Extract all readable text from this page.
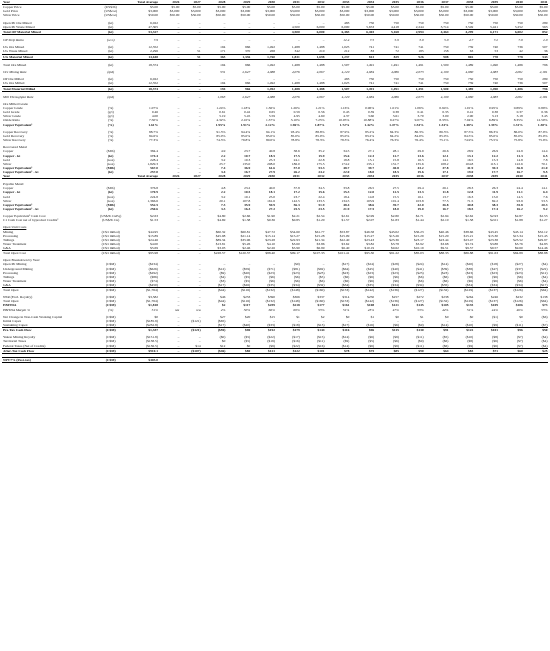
Year		Total Average	2026	2027	2028	2029	2030	2031	2032	2033	2034	2035	2036	2037	2038	2039	2040	2041
Copper Price	(US$/lb)	$5.00	$5.00	$5.00	$5.00	$5.00	$5.00	$5.00	$5.00	$5.00	$5.00	$5.00	$5.00	$5.00	$5.00	$5.00	$5.00	$5.00
Gold Price	(US$/oz)	$3,000	$3,000	$3,000	$3,000	$3,000	$3,000	$3,000	$3,000	$3,000	$3,000	$3,000	$3,000	$3,000	$3,000	$3,000	$3,000	$3,000
Silver Price	(US$/oz)	$50.00	$50.00	$50.00	$50.00	$50.00	$50.00	$50.00	$50.00	$50.00	$50.00	$50.00	$50.00	$50.00	$50.00	$50.00	$50.00	$50.00

Open Pit Ore Mined	(kt)	6,022	–	–	–	–	–	–	–	483	750	750	750	750	750	750	750	289
Open Pit Waste Mined	(kt)	47,305	–	–	–	–	–	4,500	6,000	6,000	5,653	4,418	2,244	3,714	3,549	5,421	5,252	563
Total OP Material Mined	(kt)	53,327	–	–	–	–	–	4,500	6,000	6,483	6,403	5,168	2,994	4,464	4,299	6,171	6,002	852

OP Strip Ratio	(w:o)	7.9	–	–	–	–	–	–	–	12.4	7.5	5.9	3.0	5.0	4.7	7.2	7.0	2.0

UG Ore Mined	(kt)	12,352	–	–	194	966	1,492	1,488	1,488	1,025	741	741	741	750	739	740	736	507
UG Waste Mined	(kt)	2,296	–	51	171	370	268	342	210	212	83	72	185	158	63	53	42	36
UG Material Mined	(kt)	14,648	–	51	365	1,336	1,760	1,831	1,698	1,237	813	829	926	908	802	778	778	543

Total Ore Mined	(kt)	18,374	–	–	194	966	1,492	1,488	1,488	1,507	1,491	1,491	1,491	1,500	1,489	1,490	1,486	796

Ore Mining Rate	(tpd)		–	–	531	2,647	4,088	4,076	4,067	4,129	4,084	4,086	4,073	4,109	4,080	4,083	4,061	2,181

OP Ore Milled	(kt)	6,022	–	–	–	–	–	–	–	483	750	750	750	750	750	750	750	289
UG Ore Milled	(kt)	12,352	–	–	194	966	1,492	1,488	1,488	1,025	741	741	741	750	739	740	736	507
Total Material Milled	(kt)	18,374	–	–	194	966	1,492	1,488	1,488	1,507	1,491	1,491	1,491	1,500	1,489	1,490	1,486	796

Mill Throughput Rate	(tpd)		–	–	1,063	2,647	4,088	4,076	4,067	4,129	4,084	4,086	4,073	4,109	4,080	4,083	4,061	2,181

Ore Milled Grade																		
Copper Grade	(%)	1.07%	–	–	1.24%	1.18%	1.36%	1.26%	1.21%	1.16%	0.96%	1.01%	1.06%	0.94%	1.01%	0.95%	0.89%	0.89%
Gold Grade	(g/t)	0.46	–	–	0.61	0.42	0.65	0.59	0.56	0.45	0.39	0.38	0.41	0.35	0.41	0.38	0.37	0.36
Silver Grade	(g/t)	4.00	–	–	5.19	5.45	5.59	4.95	4.60	4.37	3.60	3.61	3.70	3.00	2.90	3.13	3.18	3.45
Oxide Ratio	(%)	7.50%	–	–	4.32%	2.10%	1.37%	3.10%	7.25%	10.05%	10.88%	9.27%	9.07%	8.33%	7.04%	6.89%	8.35%	12.50%
Copper Equivalent¹	(%)	1.61%	–	–	1.95%	1.91%	2.12%	1.96%	1.87%	1.72%	1.42%	1.47%	1.54%	1.34%	1.48%	1.39%	1.31%	1.38%

Copper Recovery	(%)	88.7%	–	–	91.3%	94.4%	94.1%	93.4%	88.8%	87.9%	85.2%	84.3%	86.3%	86.3%	87.5%	86.3%	86.0%	87.9%
Gold Recovery	(%)	84.6%	–	–	85.0%	85.0%	85.0%	85.0%	85.0%	85.0%	83.2%	84.2%	84.0%	85.0%	84.5%	85.0%	85.0%	85.0%
Silver Recovery	(%)	77.3%	–	–	74.3%	79.8%	80.0%	78.8%	78.3%	78.3%	76.4%	76.3%	76.4%	75.1%	74.9%	75.5%	75.8%	75.9%

Recovered Metal																		
Copper	(Mlb)	384.4	–	–	4.9	23.7	40.8	38.6	35.2	34.5	27.1	28.1	29.9	26.6	28.9	26.9	24.9	14.4
Copper - kt	(kt)	174.4	–	–	2.2	10.7	18.5	17.5	15.9	15.6	12.3	12.7	13.6	12.1	13.1	12.2	11.3	6.5
Gold	(koz)	228.4	–	–	3.2	10.3	25.3	24.1	22.8	18.8	15.1	15.8	16.5	14.1	16.5	15.3	14.8	7.8
Silver	(koz)	1,829.3	–	–	25.7	135.0	208.0	186.0	175.5	174.2	135.1	131.7	135.6	108.2	104.8	113.1	122.6	70.1
Copper Equivalent¹	(Mlb)	567.0	–	–	7.4	36.9	61.6	57.0	53.3	48.7	39.7	40.8	43.2	37.8	41.9	39.3	36.8	21.0
Copper Equivalent¹ - kt	(kt)	257.0	–	–	3.4	16.7	27.9	26.2	24.2	22.0	18.0	18.5	19.6	17.1	19.0	17.7	16.7	9.5
Year		Total Average	2026	2027	2028	2029	2030	2031	2032	2033	2034	2035	2036	2037	2038	2039	2040	2041

Payable Metal:																		
Copper	(Mlb)	376.8	–	–	4.8	23.2	40.0	37.8	34.5	33.8	26.5	27.5	29.4	26.1	28.3	26.3	24.4	14.1
Copper - kt	(kt)	170.9	–	–	2.2	10.5	18.1	17.2	15.6	15.3	12.0	12.5	13.3	11.8	12.8	11.9	11.1	6.4
Gold	(koz)	224.8	–	–	3.2	10.1	25.0	23.7	22.4	18.4	14.8	15.5	16.1	13.7	16.3	15.0	14.5	7.6
Silver	(koz)	1,366.6	–	–	20.1	107.8	161.6	142.5	133.5	134.5	103.9	101.4	103.8	77.5	71.5	82.2	93.9	53.5
Copper Equivalent¹	(Mlb)	552.5	–	–	7.3	35.9	59.9	56.3	51.9	48.4	38.6	39.7	42.0	36.8	40.8	38.3	35.8	20.3
Copper Equivalent¹ - kt	(kt)	250.6	–	–	3.3	16.3	27.2	25.5	23.5	21.9	17.5	18.0	19.0	16.7	18.5	17.4	16.2	9.2

Copper Equivalent¹ Cash Cost	(US$/lb CuEq)	$2.63	–	–	$4.80	$2.66	$1.90	$2.21	$2.54	$2.61	$2.99	$2.80	$2.71	$2.94	$2.62	$2.93	$2.87	$2.53
C1 Cash Cost net of byproduct Credits²	(US$/lb Cu)	$1.53	–	–	$4.69	$1.38	$0.36	$0.85	$1.20	$1.57	$2.07	$1.83	$1.44	$2.10	$1.58	$2.01	$1.88	$1.27

Opex Unit Costs																		
Mining	(C$/t milled)	$44.95	–	–	$60.32	$60.81	$47.72	$54.60	$61.77	$53.87	$46.58	$43.02	$36.23	$40.46	$38.66	$43.45	$43.14	$32.12
Processing	(C$/t milled)	$15.89	–	–	$45.98	$21.14	$15.14	$15.27	$15.28	$15.09	$15.27	$15.26	$15.29	$15.20	$15.21	$15.30	$15.34	$15.45
Tailings	(C$/t milled)	$24.46	–	–	$89.34	$35.96	$23.28	$22.93	$21.34	$22.40	$23.43	$23.36	$23.17	$23.44	$23.47	$23.38	$23.52	$29.97
Water Treatment	(C$/t milled)	$4.00	–	–	$13.81	$5.26	$4.10	$3.60	$3.86	$3.62	$3.82	$3.78	$3.92	$3.68	$3.74	$3.88	$3.76	$4.83
G&A	(C$/t milled)	$5.69	–	–	$3.03	$2.46	$2.26	$5.90	$6.99	$6.40	$10.19	$9.62	$10.19	$9.51	$9.57	$9.57	$9.60	$14.46
Total Opex Cost	(C$/t milled)	$95.98	–	–	$228.57	$120.37	$88.40	$99.17	$107.33	$101.41	$95.30	$91.22	$85.03	$88.33	$86.88	$91.63	$84.89	$88.88

Opex Breakdown by Year:																		
Open Pit Mining	(C$M)	($234)	–	–	–	–	–	($0)	–	($17)	($24)	($28)	($24)	($14)	($20)	($18)	($27)	($4)
Underground Mining	(C$M)	($626)	–	–	($12)	($59)	($71)	($81)	($92)	($64)	($45)	($40)	($41)	($39)	($38)	($47)	($37)	($22)
Processing	(C$M)	($292)	–	–	($9)	($20)	($23)	($23)	($23)	($23)	($23)	($23)	($23)	($23)	($23)	($23)	($23)	($12)
Tailings	(C$M)	($86)	–	–	($4)	($5)	($6)	($6)	($5)	($6)	($6)	($6)	($6)	($6)	($6)	($6)	($6)	($4)
Water Treatment	(C$M)	($74)	–	–	($3)	($5)	($6)	($6)	($6)	($6)	($6)	($6)	($6)	($6)	($6)	($6)	($6)	($4)
G&A	(C$M)	($450)	–	–	($17)	($26)	($35)	($34)	($32)	($34)	($35)	($34)	($34)	($35)	($34)	($34)	($34)	($17)
Total Opex	(C$M)	($1,764)	–	–	($44)	($116)	($132)	($148)	($160)	($153)	($142)	($136)	($127)	($132)	($129)	($137)	($126)	($64)

NSR (Excl. Royalty)	(C$M)	$3,582	–	–	$46	$233	$390	$366	$337	$314	$250	$257	$272	$238	$264	$246	$232	$138
Total Opex	(C$M)	($1,764)	–	–	($44)	($116)	($132)	($148)	($160)	($153)	($142)	($136)	($127)	($132)	($129)	($137)	($126)	($64)
EBITDA	(C$M)	$1,818	–	–	$2	$117	$259	$218	$177	$161	$108	$121	$145	$105	$135	$109	$106	$73
EBITDA Margin %	(%)	51%	n/a	n/a	4%	50%	66%	60%	53%	51%	43%	47%	53%	44%	51%	44%	46%	53%

Net Change in Non-Cash Working Capital	(C$M)	$0	–	–	$27	$20	$15	$1	$2	$0	$1	$0	$1	$0	$0	($1)	$0	($6)
Initial Capex	(C$M)	($185.9)	–	($121)	($65)	–	–	–	–	–	–	–	–	–	–	–	–	–
Sustaining Capex	(C$M)	($232.8)	–	–	($17)	($40)	($33)	($18)	($13)	($17)	($16)	($6)	($9)	($14)	($10)	($9)	($11)	($7)
Pre-Tax Cash Flow	(C$M)	$1,337	–	($121)	($59)	$90	$192	$179	$144	$116	$96	$115	$130	$91	$122	$101	$96	$50

Yukon Mining Royalty	(C$M)	($151.8)	–	–	($0)	($5)	($22)	($17)	($15)	($14)	($6)	($9)	($11)	($5)	($10)	($8)	($7)	($4)
Territorial Taxes	(C$M)	($138.5)	–	–	$0	($5)	($19)	($16)	($11)	($9)	($5)	($6)	($9)	($6)	($8)	($6)	($7)	($4)
Federal Taxes (Net of Credits)	(C$M)	($136.5)	–	$14	$12	$0	($9)	($22)	($16)	($14)	($6)	($9)	($11)	($6)	($9)	($6)	($7)	($4)
After-Tax Cash Flow	(C$M)	$910.1	–	($107)	($46)	$80	$121	$122	$101	$78	$75	$85	$90	$64	$83	$71	$60	$25

NPV7% (Post-tax)	(C$M)	$403.0																
